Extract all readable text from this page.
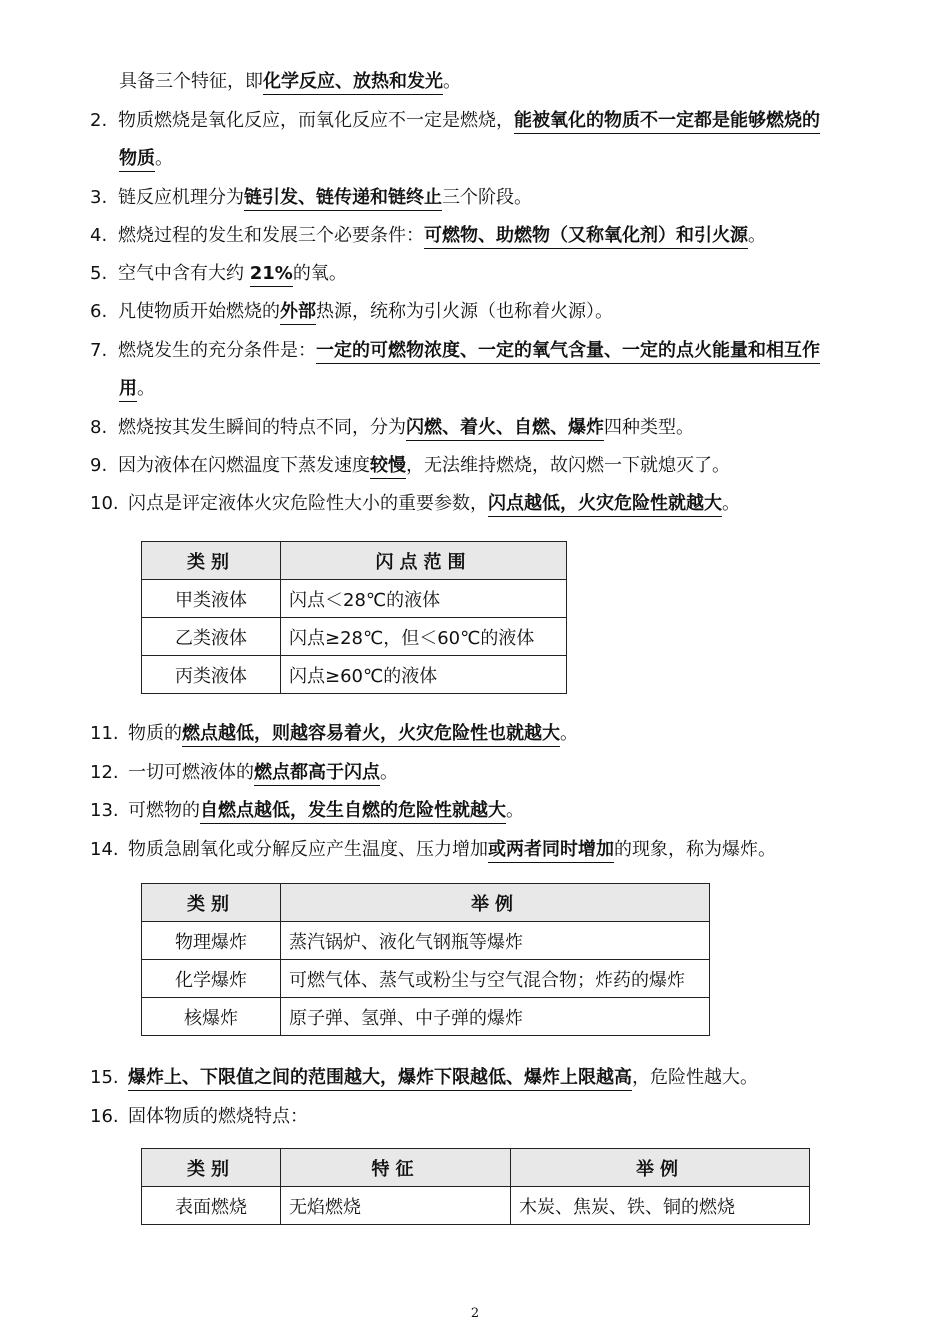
具备三个特征，即化学反应、放热和发光。
2. 物质燃烧是氧化反应，而氧化反应不一定是燃烧，能被氧化的物质不一定都是能够燃烧的
物质。
3. 链反应机理分为链引发、链传递和链终止三个阶段。
4. 燃烧过程的发生和发展三个必要条件：可燃物、助燃物（又称氧化剂）和引火源。
5. 空气中含有大约 21%的氧。
6. 凡使物质开始燃烧的外部热源，统称为引火源（也称着火源）。
7. 燃烧发生的充分条件是：一定的可燃物浓度、一定的氧气含量、一定的点火能量和相互作
用。
8. 燃烧按其发生瞬间的特点不同，分为闪燃、着火、自燃、爆炸四种类型。
9. 因为液体在闪燃温度下蒸发速度较慢，无法维持燃烧，故闪燃一下就熄灭了。
10. 闪点是评定液体火灾危险性大小的重要参数，闪点越低，火灾危险性就越大。
类别	闪点范围
甲类液体	闪点＜28℃的液体
乙类液体	闪点≥28℃，但＜60℃的液体
丙类液体	闪点≥60℃的液体
11. 物质的燃点越低，则越容易着火，火灾危险性也就越大。
12. 一切可燃液体的燃点都高于闪点。
13. 可燃物的自燃点越低，发生自燃的危险性就越大。
14. 物质急剧氧化或分解反应产生温度、压力增加或两者同时增加的现象，称为爆炸。
类别	举例
物理爆炸	蒸汽锅炉、液化气钢瓶等爆炸
化学爆炸	可燃气体、蒸气或粉尘与空气混合物；炸药的爆炸
核爆炸	原子弹、氢弹、中子弹的爆炸
15. 爆炸上、下限值之间的范围越大，爆炸下限越低、爆炸上限越高，危险性越大。
16. 固体物质的燃烧特点：
类别	特征	举例
表面燃烧	无焰燃烧	木炭、焦炭、铁、铜的燃烧
2
